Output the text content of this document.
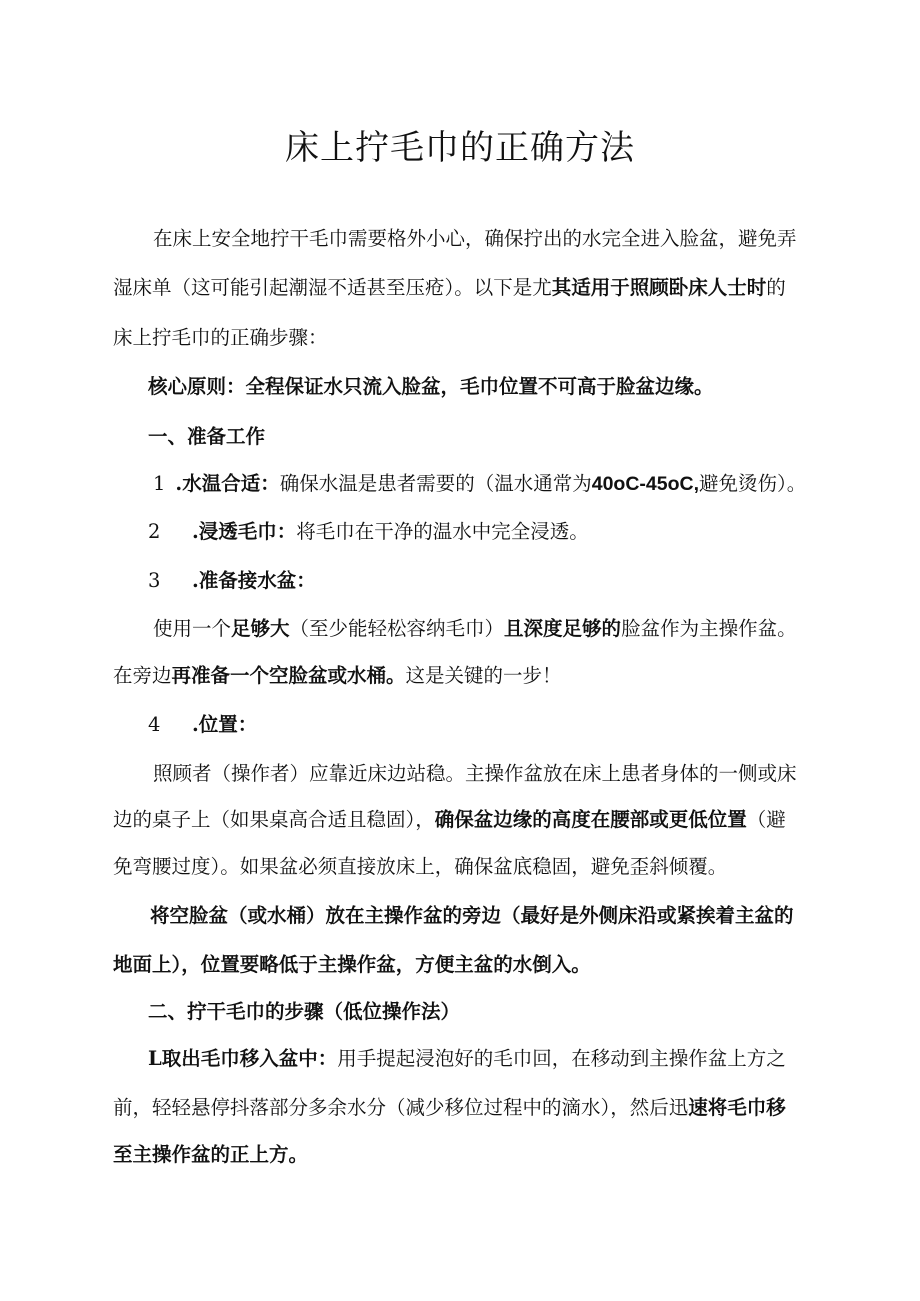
床上拧毛巾的正确方法

在床上安全地拧干毛巾需要格外小心，确保拧出的水完全进入脸盆，避免弄

湿床单（这可能引起潮湿不适甚至压疮）。以下是尤其适用于照顾卧床人士时的

床上拧毛巾的正确步骤：

核心原则：全程保证水只流入脸盆，毛巾位置不可高于脸盆边缘。

一、准备工作

1 .水温合适：确保水温是患者需要的（温水通常为40oC-45oC,避免烫伤）。

2 .浸透毛巾：将毛巾在干净的温水中完全浸透。

3 .准备接水盆：

使用一个足够大（至少能轻松容纳毛巾）且深度足够的脸盆作为主操作盆。

在旁边再准备一个空脸盆或水桶。这是关键的一步！

4 .位置：

照顾者（操作者）应靠近床边站稳。主操作盆放在床上患者身体的一侧或床

边的桌子上（如果桌高合适且稳固），确保盆边缘的高度在腰部或更低位置（避

免弯腰过度）。如果盆必须直接放床上，确保盆底稳固，避免歪斜倾覆。

将空脸盆（或水桶）放在主操作盆的旁边（最好是外侧床沿或紧挨着主盆的

地面上），位置要略低于主操作盆，方便主盆的水倒入。

二、拧干毛巾的步骤（低位操作法）

L取出毛巾移入盆中：用手提起浸泡好的毛巾回，在移动到主操作盆上方之

前，轻轻悬停抖落部分多余水分（减少移位过程中的滴水），然后迅速将毛巾移

至主操作盆的正上方。
